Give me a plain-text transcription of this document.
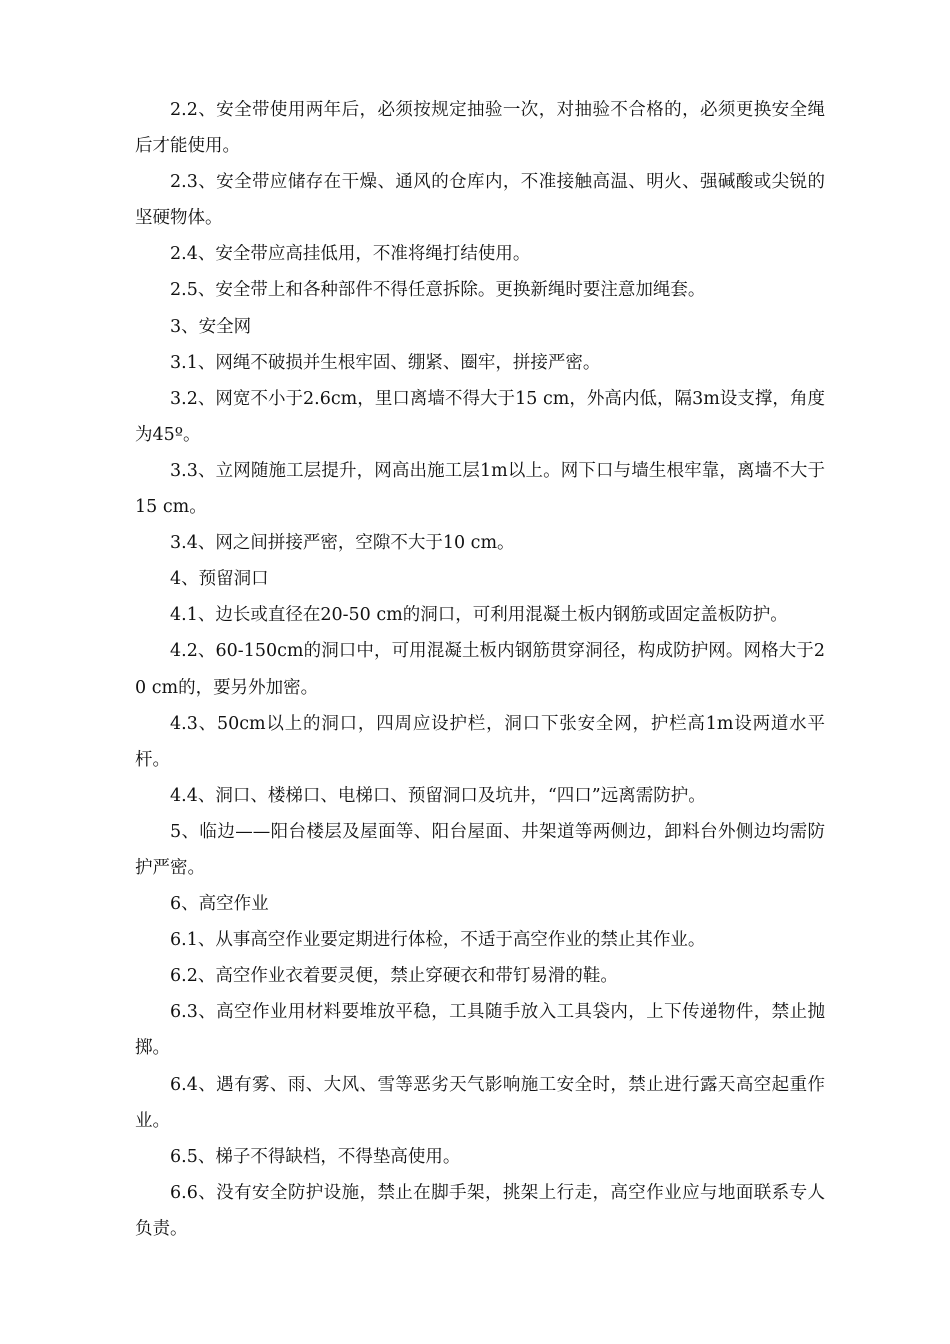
2.2、安全带使用两年后，必须按规定抽验一次，对抽验不合格的，必须更换安全绳后才能使用。

2.3、安全带应储存在干燥、通风的仓库内，不准接触高温、明火、强碱酸或尖锐的坚硬物体。

2.4、安全带应高挂低用，不准将绳打结使用。

2.5、安全带上和各种部件不得任意拆除。更换新绳时要注意加绳套。

3、安全网

3.1、网绳不破损并生根牢固、绷紧、圈牢，拼接严密。

3.2、网宽不小于2.6cm，里口离墙不得大于15 cm，外高内低，隔3m设支撑，角度为45º。

3.3、立网随施工层提升，网高出施工层1m以上。网下口与墙生根牢靠，离墙不大于15 cm。

3.4、网之间拼接严密，空隙不大于10 cm。

4、预留洞口

4.1、边长或直径在20-50 cm的洞口，可利用混凝土板内钢筋或固定盖板防护。

4.2、60-150cm的洞口中，可用混凝土板内钢筋贯穿洞径，构成防护网。网格大于20 cm的，要另外加密。

4.3、50cm以上的洞口，四周应设护栏，洞口下张安全网，护栏高1m设两道水平杆。

4.4、洞口、楼梯口、电梯口、预留洞口及坑井，“四口”远离需防护。

5、临边——阳台楼层及屋面等、阳台屋面、井架道等两侧边，卸料台外侧边均需防护严密。

6、高空作业

6.1、从事高空作业要定期进行体检，不适于高空作业的禁止其作业。

6.2、高空作业衣着要灵便，禁止穿硬衣和带钉易滑的鞋。

6.3、高空作业用材料要堆放平稳，工具随手放入工具袋内，上下传递物件，禁止抛掷。

6.4、遇有雾、雨、大风、雪等恶劣天气影响施工安全时，禁止进行露天高空起重作业。

6.5、梯子不得缺档，不得垫高使用。

6.6、没有安全防护设施，禁止在脚手架，挑架上行走，高空作业应与地面联系专人负责。
